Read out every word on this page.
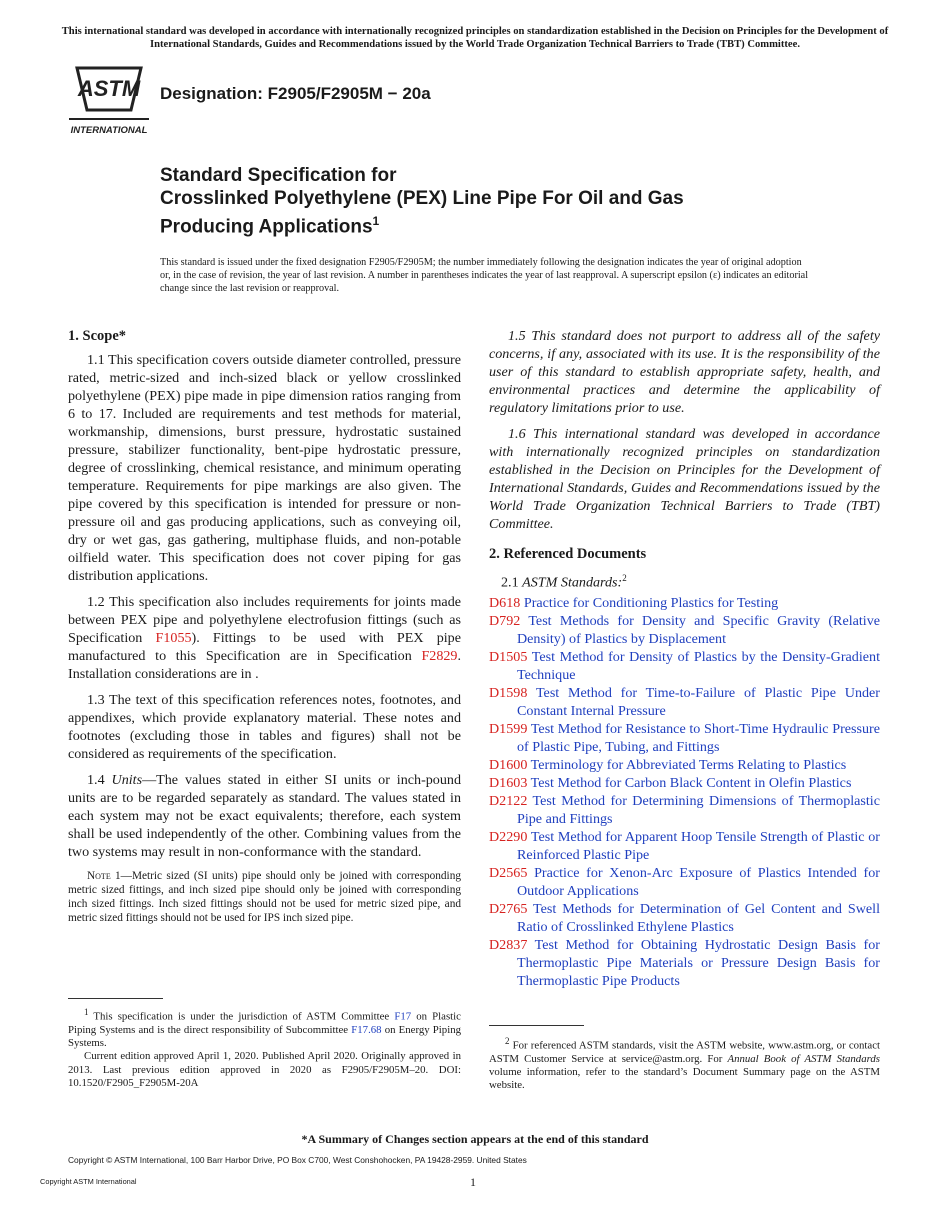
This international standard was developed in accordance with internationally recognized principles on standardization established in the Decision on Principles for the Development of International Standards, Guides and Recommendations issued by the World Trade Organization Technical Barriers to Trade (TBT) Committee.
ASTM
INTERNATIONAL
Designation: F2905/F2905M − 20a
Standard Specification for
Crosslinked Polyethylene (PEX) Line Pipe For Oil and Gas
Producing Applications$^1$
This standard is issued under the fixed designation F2905/F2905M; the number immediately following the designation indicates the year of original adoption or, in the case of revision, the year of last revision. A number in parentheses indicates the year of last reapproval. A superscript epsilon (ε) indicates an editorial change since the last revision or reapproval.
1. Scope*

1.1 This specification covers outside diameter controlled, pressure rated, metric-sized and inch-sized black or yellow crosslinked polyethylene (PEX) pipe made in pipe dimension ratios ranging from 6 to 17. Included are requirements and test methods for material, workmanship, dimensions, burst pressure, hydrostatic sustained pressure, stabilizer functionality, bent-pipe hydrostatic pressure, degree of crosslinking, chemical resistance, and minimum operating temperature. Requirements for pipe markings are also given. The pipe covered by this specification is intended for pressure or non-pressure oil and gas producing applications, such as conveying oil, dry or wet gas, gas gathering, multiphase fluids, and non-potable oilfield water. This specification does not cover piping for gas distribution applications.

1.2 This specification also includes requirements for joints made between PEX pipe and polyethylene electrofusion fittings (such as Specification F1055). Fittings to be used with PEX pipe manufactured to this Specification are in Specification F2829. Installation considerations are in .

1.3 The text of this specification references notes, footnotes, and appendixes, which provide explanatory material. These notes and footnotes (excluding those in tables and figures) shall not be considered as requirements of the specification.

1.4 Units—The values stated in either SI units or inch-pound units are to be regarded separately as standard. The values stated in each system may not be exact equivalents; therefore, each system shall be used independently of the other. Combining values from the two systems may result in non-conformance with the standard.

Note 1—Metric sized (SI units) pipe should only be joined with corresponding metric sized fittings, and inch sized pipe should only be joined with corresponding inch sized fittings. Inch sized fittings should not be used for metric sized pipe, and metric sized fittings should not be used for IPS inch sized pipe.

$^1$ This specification is under the jurisdiction of ASTM Committee F17 on Plastic Piping Systems and is the direct responsibility of Subcommittee F17.68 on Energy Piping Systems.

Current edition approved April 1, 2020. Published April 2020. Originally approved in 2013. Last previous edition approved in 2020 as F2905/F2905M–20. DOI: 10.1520/F2905_F2905M-20A

1.5 This standard does not purport to address all of the safety concerns, if any, associated with its use. It is the responsibility of the user of this standard to establish appropriate safety, health, and environmental practices and determine the applicability of regulatory limitations prior to use.

1.6 This international standard was developed in accordance with internationally recognized principles on standardization established in the Decision on Principles for the Development of International Standards, Guides and Recommendations issued by the World Trade Organization Technical Barriers to Trade (TBT) Committee.

2. Referenced Documents
2.1 ASTM Standards:$^2$
D618 Practice for Conditioning Plastics for Testing
D792 Test Methods for Density and Specific Gravity (Relative Density) of Plastics by Displacement
D1505 Test Method for Density of Plastics by the Density-Gradient Technique
D1598 Test Method for Time-to-Failure of Plastic Pipe Under Constant Internal Pressure
D1599 Test Method for Resistance to Short-Time Hydraulic Pressure of Plastic Pipe, Tubing, and Fittings
D1600 Terminology for Abbreviated Terms Relating to Plastics
D1603 Test Method for Carbon Black Content in Olefin Plastics
D2122 Test Method for Determining Dimensions of Thermoplastic Pipe and Fittings
D2290 Test Method for Apparent Hoop Tensile Strength of Plastic or Reinforced Plastic Pipe
D2565 Practice for Xenon-Arc Exposure of Plastics Intended for Outdoor Applications
D2765 Test Methods for Determination of Gel Content and Swell Ratio of Crosslinked Ethylene Plastics
D2837 Test Method for Obtaining Hydrostatic Design Basis for Thermoplastic Pipe Materials or Pressure Design Basis for Thermoplastic Pipe Products

$^2$ For referenced ASTM standards, visit the ASTM website, www.astm.org, or contact ASTM Customer Service at service@astm.org. For Annual Book of ASTM Standards volume information, refer to the standard’s Document Summary page on the ASTM website.

*A Summary of Changes section appears at the end of this standard
Copyright © ASTM International, 100 Barr Harbor Drive, PO Box C700, West Conshohocken, PA 19428-2959. United States
Copyright ASTM International	1
